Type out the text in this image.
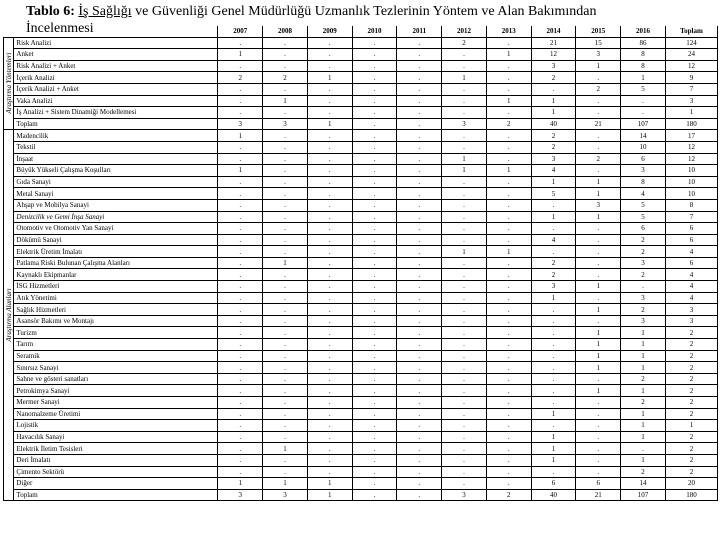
Tablo 6: İş Sağlığı ve Güvenliği Genel Müdürlüğü Uzmanlık Tezlerinin Yöntem ve Alan Bakımından İncelenmesi
		2007	2008	2009	2010	2011	2012	2013	2014	2015	2016	Toplam

Araştırma Yöntemleri	Risk Analizi	.	.	.	.	.	2	.	21	15	86	124
	Anket	1	.	.	.	.	.	1	12	3	8	24
	Risk Analizi + Anket	.	.	.	.	.	.	.	3	1	8	12
	İçerik Analizi	2	2	1	.	.	1	.	2	.	1	9
	İçerik Analizi + Anket	.	.	.	.	.	.	.	.	2	5	7
	Vaka Analizi	.	1	.	.	.	.	1	1	.	.	3
	İş Analizi + Sistem Dinamiği Modellemesi	.	.	.	.	.	.	.	1	.	.	1
	Toplam	3	3	1	.	.	3	2	40	21	107	180

Araştırma Alanları	Madencilik	1	.	.	.	.	.	.	2	.	14	17
	Tekstil	.	.	.	.	.	.	.	2	.	10	12
	İnşaat	.	.	.	.	.	1	.	3	2	6	12
	Büyük Yükseli Çalışma Koşulları	1	.	.	.	.	1	1	4	.	3	10
	Gıda Sanayi	.	.	.	.	.	.	.	1	1	8	10
	Metal Sanayi	.	.	.	.	.	.	.	5	1	4	10
	Ahşap ve Mobilya Sanayi	.	.	.	.	.	.	.	.	3	5	8
	Denizcilik ve Gemi İnşa Sanayi	.	.	.	.	.	.	.	1	1	5	7
	Otomotiv ve Otomotiv Yan Sanayi	.	.	.	.	.	.	.	.	.	6	6
	Dökümü Sanayi	.	.	.	.	.	.	.	4	.	2	6
	Elektrik Üretim İmalatı	.	.	.	.	.	1	1	.	.	2	4
	Patlama Riski Bulunan Çalışma Alanları	.	1	.	.	.	.	.	2	.	3	6
	Kaynaklı Ekipmanlar	.	.	.	.	.	.	.	2	.	2	4
	İSG Hizmetleri	.	.	.	.	.	.	.	3	1	.	4
	Atık Yönetimi	.	.	.	.	.	.	.	1	.	3	4
	Sağlık Hizmetleri	.	.	.	.	.	.	.	.	1	2	3
	Asansör Bakımı ve Montajı	.	.	.	.	.	.	.	.	.	3	3
	Turizm	.	.	.	.	.	.	.	.	1	1	2
	Tarım	.	.	.	.	.	.	.	.	1	1	2
	Seramik	.	.	.	.	.	.	.	.	1	1	2
	Sınırsız Sanayi	.	.	.	.	.	.	.	.	1	1	2
	Sahne ve gösteri sanatları	.	.	.	.	.	.	.	.	.	2	2
	Petrokimya Sanayi	.	.	.	.	.	.	.	.	1	1	2
	Mermer Sanayi	.	.	.	.	.	.	.	.	.	2	2
	Nanomalzeme Üretimi	.	.	.	.	.	.	.	1	.	1	2
	Lojistik	.	.	.	.	.	.	.	.	.	1	1
	Havacılık Sanayi	.	.	.	.	.	.	.	1	.	1	2
	Elektrik İletim Tesisleri	.	1	.	.	.	.	.	1	.	.	2
	Deri İmalatı	.	.	.	.	.	.	.	1	.	1	2
	Çimento Sektörü	.	.	.	.	.	.	.	.	.	2	2
	Diğer	1	1	1	.	.	.	.	6	6	14	20
	Toplam	3	3	1	.	.	3	2	40	21	107	180
